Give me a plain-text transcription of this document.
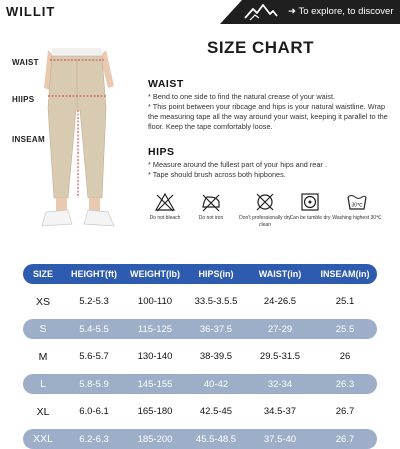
WILLIT	➜ To explore, to discover
WAIST
HIIPS
INSEAM
SIZE CHART
WAIST
* Bend to one side to find the natural crease of your waist.
* This point between your ribcage and hips is your natural waistline. Wrap the measuring tape all the way around your waist, keeping it parallel to the floor. Keep the tape comfortably loose.
HIPS
* Measure around the fullest part of your hips and rear .
* Tape should brush across both hipbones.
Do not bleach	Do not iron	Don't professionally dry clean
Can be tumble dry
30℃
Washing highest 30℃
SIZE	HEIGHT(ft)	WEIGHT(lb)	HIPS(in)	WAIST(in)	INSEAM(in)
XS	5.2-5.3	100-110	33.5-3.5.5	24-26.5	25.1
S	5.4-5.5	115-125	36-37.5	27-29	25.5
M	5.6-5.7	130-140	38-39.5	29.5-31.5	26
L	5.8-5.9	145-155	40-42	32-34	26.3
XL	6.0-6.1	165-180	42.5-45	34.5-37	26.7
XXL	6.2-6.3	185-200	45.5-48.5	37.5-40	26.7
